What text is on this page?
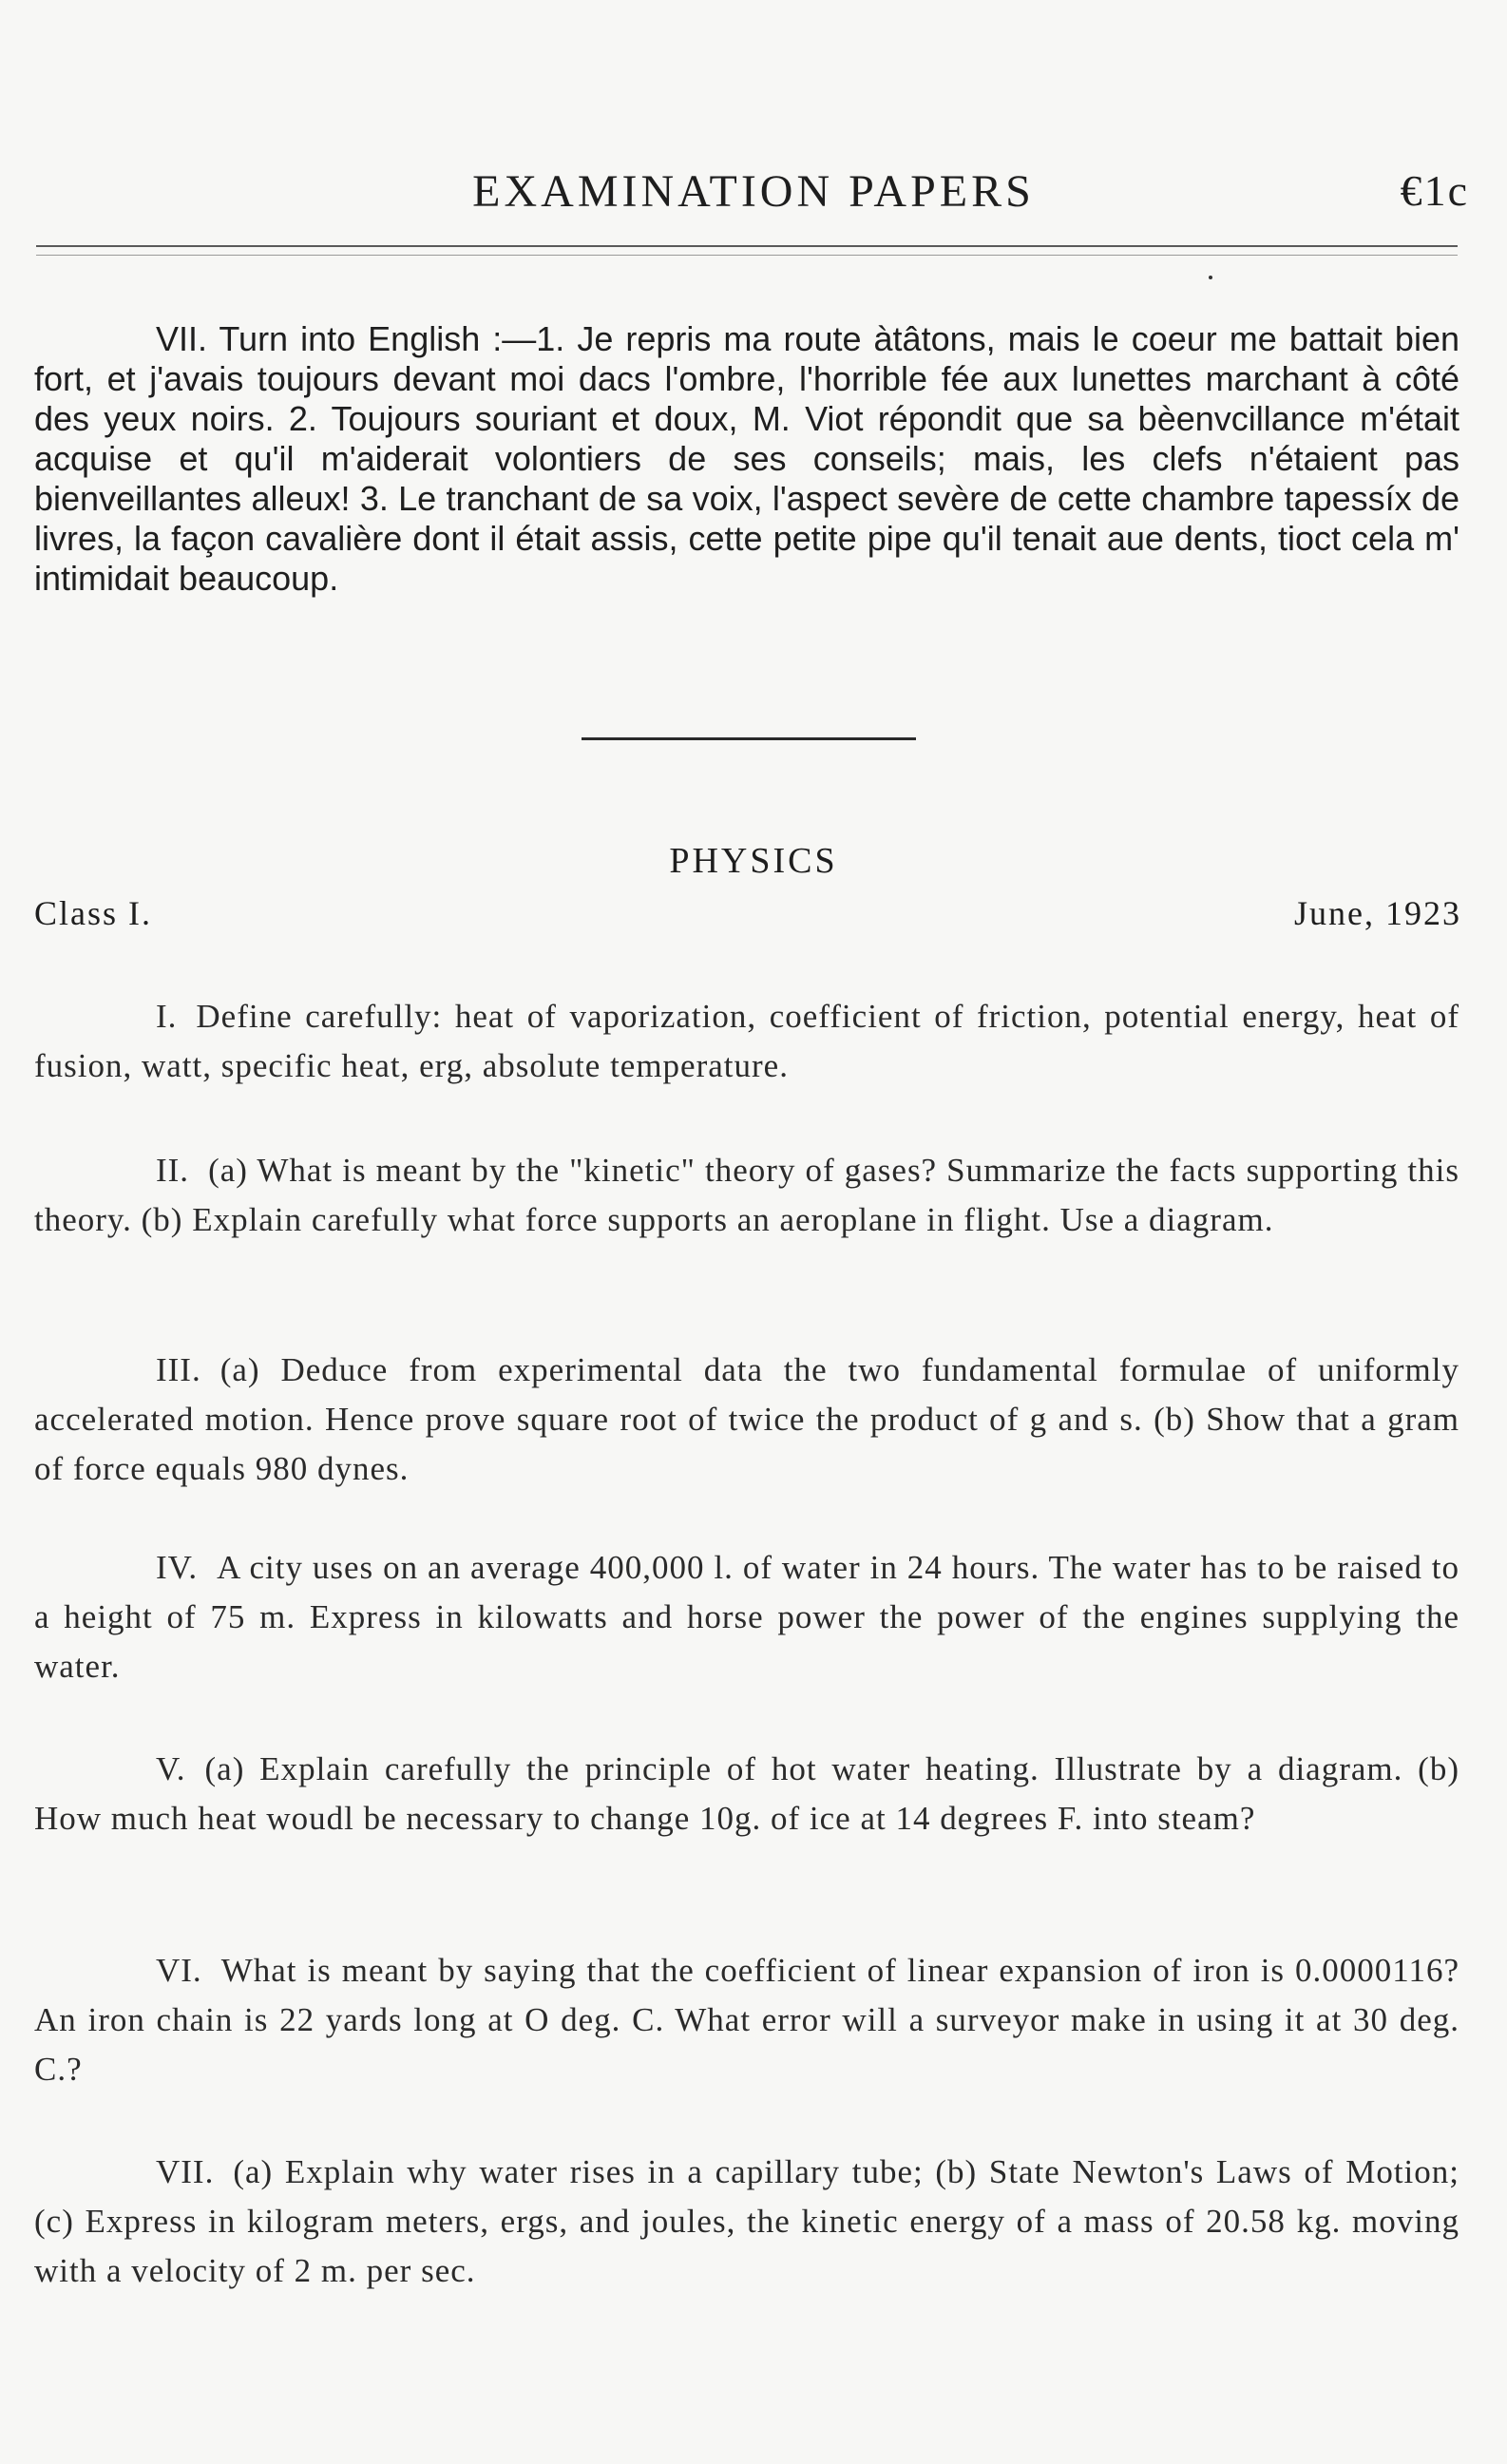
EXAMINATION PAPERS	€1c
VII. Turn into English :—1. Je repris ma route àtâtons, mais le coeur me battait bien fort, et j'avais toujours devant moi dacs l'ombre, l'horrible fée aux lunettes marchant à côté des yeux noirs. 2. Toujours souriant et doux, M. Viot répondit que sa bèenvcillance m'était acquise et qu'il m'aiderait volontiers de ses conseils; mais, les clefs n'étaient pas bienveillantes alleux! 3. Le tranchant de sa voix, l'aspect sevère de cette chambre tapessíx de livres, la façon cavalière dont il était assis, cette petite pipe qu'il tenait aue dents, tioct cela m' intimidait beaucoup.
PHYSICS
Class I.	June, 1923
I. Define carefully: heat of vaporization, coefficient of friction, potential energy, heat of fusion, watt, specific heat, erg, absolute temperature.
II. (a) What is meant by the "kinetic" theory of gases? Summarize the facts supporting this theory. (b) Explain carefully what force supports an aeroplane in flight. Use a diagram.
III. (a) Deduce from experimental data the two fundamental formulae of uniformly accelerated motion. Hence prove square root of twice the product of g and s. (b) Show that a gram of force equals 980 dynes.
IV. A city uses on an average 400,000 l. of water in 24 hours. The water has to be raised to a height of 75 m. Express in kilowatts and horse power the power of the engines supplying the water.
V. (a) Explain carefully the principle of hot water heating. Illustrate by a diagram. (b) How much heat woudl be necessary to change 10g. of ice at 14 degrees F. into steam?
VI. What is meant by saying that the coefficient of linear expansion of iron is 0.0000116? An iron chain is 22 yards long at O deg. C. What error will a surveyor make in using it at 30 deg. C.?
VII. (a) Explain why water rises in a capillary tube; (b) State Newton's Laws of Motion; (c) Express in kilogram meters, ergs, and joules, the kinetic energy of a mass of 20.58 kg. moving with a velocity of 2 m. per sec.
